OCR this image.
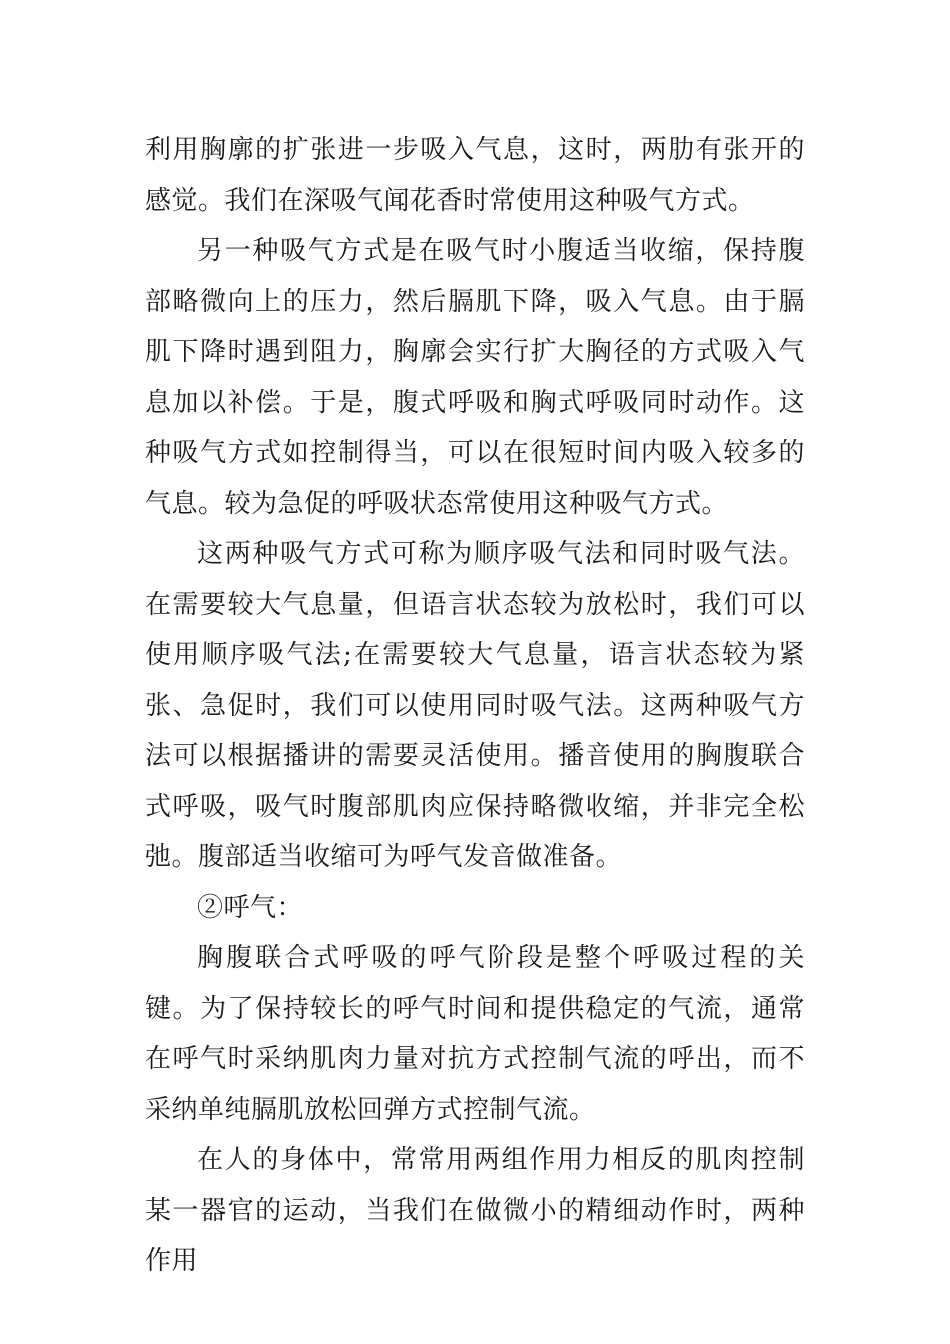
利用胸廓的扩张进一步吸入气息，这时，两肋有张开的感觉。我们在深吸气闻花香时常使用这种吸气方式。

另一种吸气方式是在吸气时小腹适当收缩，保持腹部略微向上的压力，然后膈肌下降，吸入气息。由于膈肌下降时遇到阻力，胸廓会实行扩大胸径的方式吸入气息加以补偿。于是，腹式呼吸和胸式呼吸同时动作。这种吸气方式如控制得当，可以在很短时间内吸入较多的气息。较为急促的呼吸状态常使用这种吸气方式。

这两种吸气方式可称为顺序吸气法和同时吸气法。在需要较大气息量，但语言状态较为放松时，我们可以使用顺序吸气法;在需要较大气息量，语言状态较为紧张、急促时，我们可以使用同时吸气法。这两种吸气方法可以根据播讲的需要灵活使用。播音使用的胸腹联合式呼吸，吸气时腹部肌肉应保持略微收缩，并非完全松弛。腹部适当收缩可为呼气发音做准备。

②呼气：

胸腹联合式呼吸的呼气阶段是整个呼吸过程的关键。为了保持较长的呼气时间和提供稳定的气流，通常在呼气时采纳肌肉力量对抗方式控制气流的呼出，而不采纳单纯膈肌放松回弹方式控制气流。

在人的身体中，常常用两组作用力相反的肌肉控制某一器官的运动，当我们在做微小的精细动作时，两种作用
